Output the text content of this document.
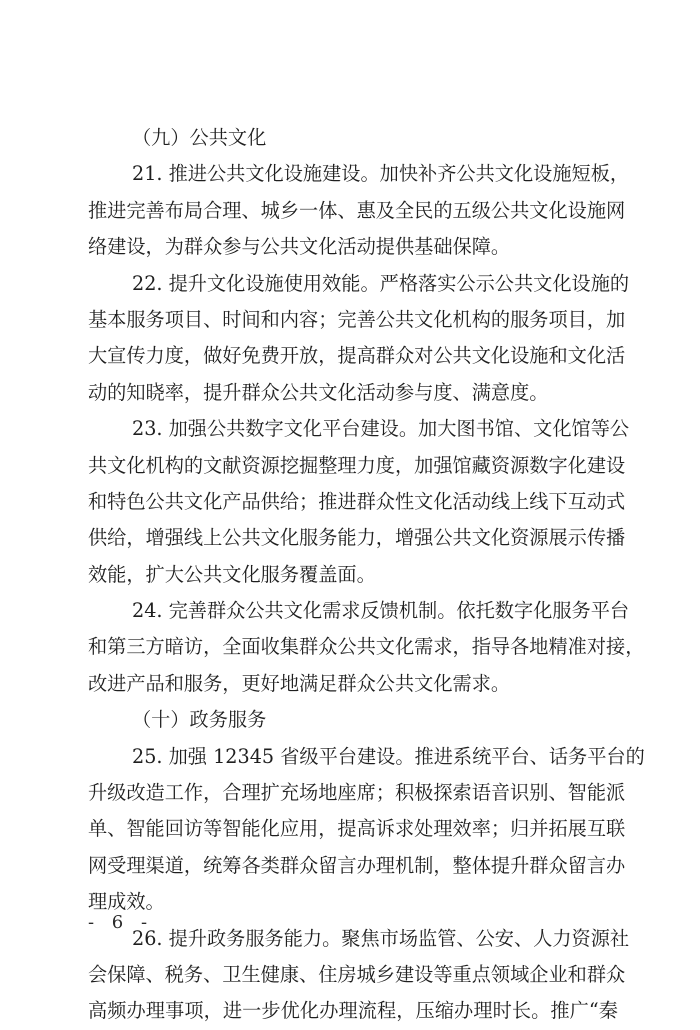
（九）公共文化
21. 推进公共文化设施建设。加快补齐公共文化设施短板，
推进完善布局合理、城乡一体、惠及全民的五级公共文化设施网
络建设，为群众参与公共文化活动提供基础保障。
22. 提升文化设施使用效能。严格落实公示公共文化设施的
基本服务项目、时间和内容；完善公共文化机构的服务项目，加
大宣传力度，做好免费开放，提高群众对公共文化设施和文化活
动的知晓率，提升群众公共文化活动参与度、满意度。
23. 加强公共数字文化平台建设。加大图书馆、文化馆等公
共文化机构的文献资源挖掘整理力度，加强馆藏资源数字化建设
和特色公共文化产品供给；推进群众性文化活动线上线下互动式
供给，增强线上公共文化服务能力，增强公共文化资源展示传播
效能，扩大公共文化服务覆盖面。
24. 完善群众公共文化需求反馈机制。依托数字化服务平台
和第三方暗访，全面收集群众公共文化需求，指导各地精准对接，
改进产品和服务，更好地满足群众公共文化需求。
（十）政务服务
25. 加强 12345 省级平台建设。推进系统平台、话务平台的
升级改造工作，合理扩充场地座席；积极探索语音识别、智能派
单、智能回访等智能化应用，提高诉求处理效率；归并拓展互联
网受理渠道，统筹各类群众留言办理机制，整体提升群众留言办
理成效。
26. 提升政务服务能力。聚焦市场监管、公安、人力资源社
会保障、税务、卫生健康、住房城乡建设等重点领域企业和群众
高频办理事项，进一步优化办理流程，压缩办理时长。推广“秦
- 6 -
